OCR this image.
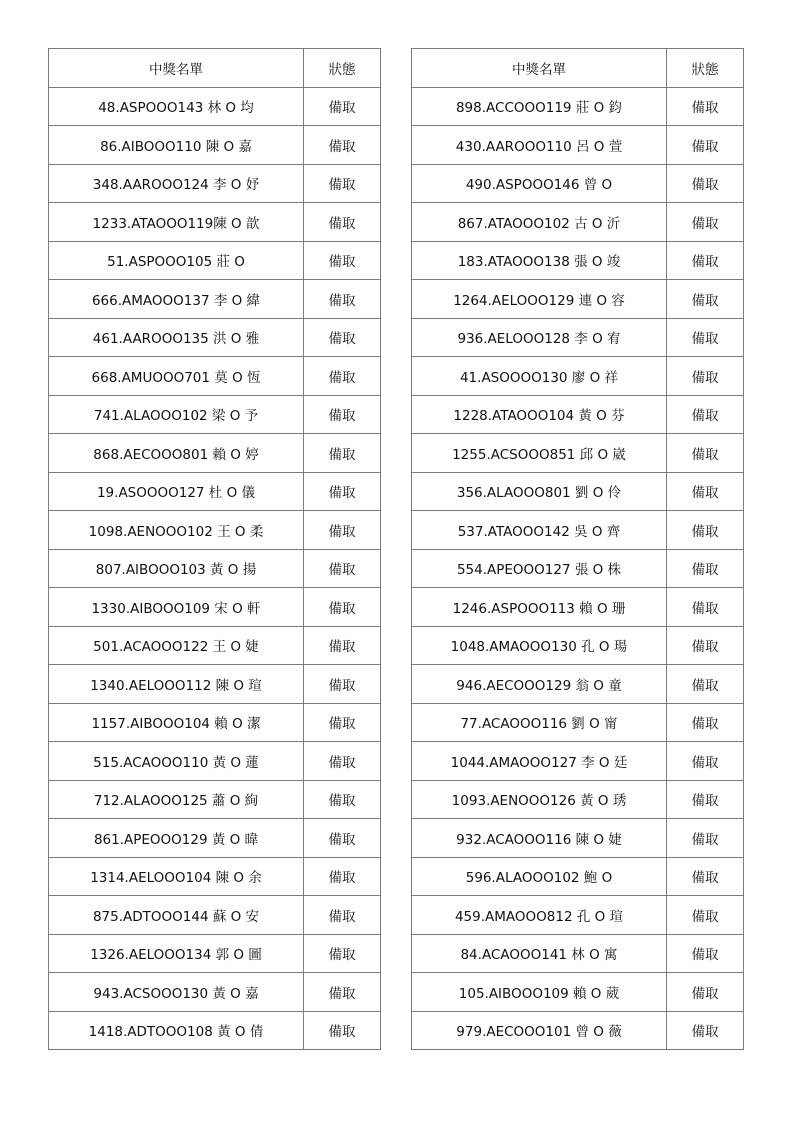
中獎名單	狀態
48.ASPOOO143 林 O 均	備取
86.AIBOOO110 陳 O 嘉	備取
348.AAROOO124 李 O 妤	備取
1233.ATAOOO119陳 O 歆	備取
51.ASPOOO105 莊 O	備取
666.AMAOOO137 李 O 緯	備取
461.AAROOO135 洪 O 雅	備取
668.AMUOOO701 莫 O 恆	備取
741.ALAOOO102 梁 O 予	備取
868.AECOOO801 賴 O 婷	備取
19.ASOOOO127 杜 O 儀	備取
1098.AENOOO102 王 O 柔	備取
807.AIBOOO103 黃 O 揚	備取
1330.AIBOOO109 宋 O 軒	備取
501.ACAOOO122 王 O 婕	備取
1340.AELOOO112 陳 O 瑄	備取
1157.AIBOOO104 賴 O 潔	備取
515.ACAOOO110 黃 O 蓮	備取
712.ALAOOO125 蕭 O 絢	備取
861.APEOOO129 黃 O 暐	備取
1314.AELOOO104 陳 O 余	備取
875.ADTOOO144 蘇 O 安	備取
1326.AELOOO134 郭 O 圖	備取
943.ACSOOO130 黃 O 嘉	備取
1418.ADTOOO108 黃 O 倩	備取
中獎名單	狀態
898.ACCOOO119 莊 O 鈞	備取
430.AAROOO110 呂 O 萱	備取
490.ASPOOO146 曾 O	備取
867.ATAOOO102 古 O 沂	備取
183.ATAOOO138 張 O 竣	備取
1264.AELOOO129 連 O 容	備取
936.AELOOO128 李 O 宥	備取
41.ASOOOO130 廖 O 祥	備取
1228.ATAOOO104 黃 O 芬	備取
1255.ACSOOO851 邱 O 崴	備取
356.ALAOOO801 劉 O 伶	備取
537.ATAOOO142 吳 O 齊	備取
554.APEOOO127 張 O 株	備取
1246.ASPOOO113 賴 O 珊	備取
1048.AMAOOO130 孔 O 瑒	備取
946.AECOOO129 翁 O 童	備取
77.ACAOOO116 劉 O 甯	備取
1044.AMAOOO127 李 O 廷	備取
1093.AENOOO126 黃 O 琇	備取
932.ACAOOO116 陳 O 婕	備取
596.ALAOOO102 鮑 O	備取
459.AMAOOO812 孔 O 瑄	備取
84.ACAOOO141 林 O 寓	備取
105.AIBOOO109 賴 O 葳	備取
979.AECOOO101 曾 O 薇	備取
